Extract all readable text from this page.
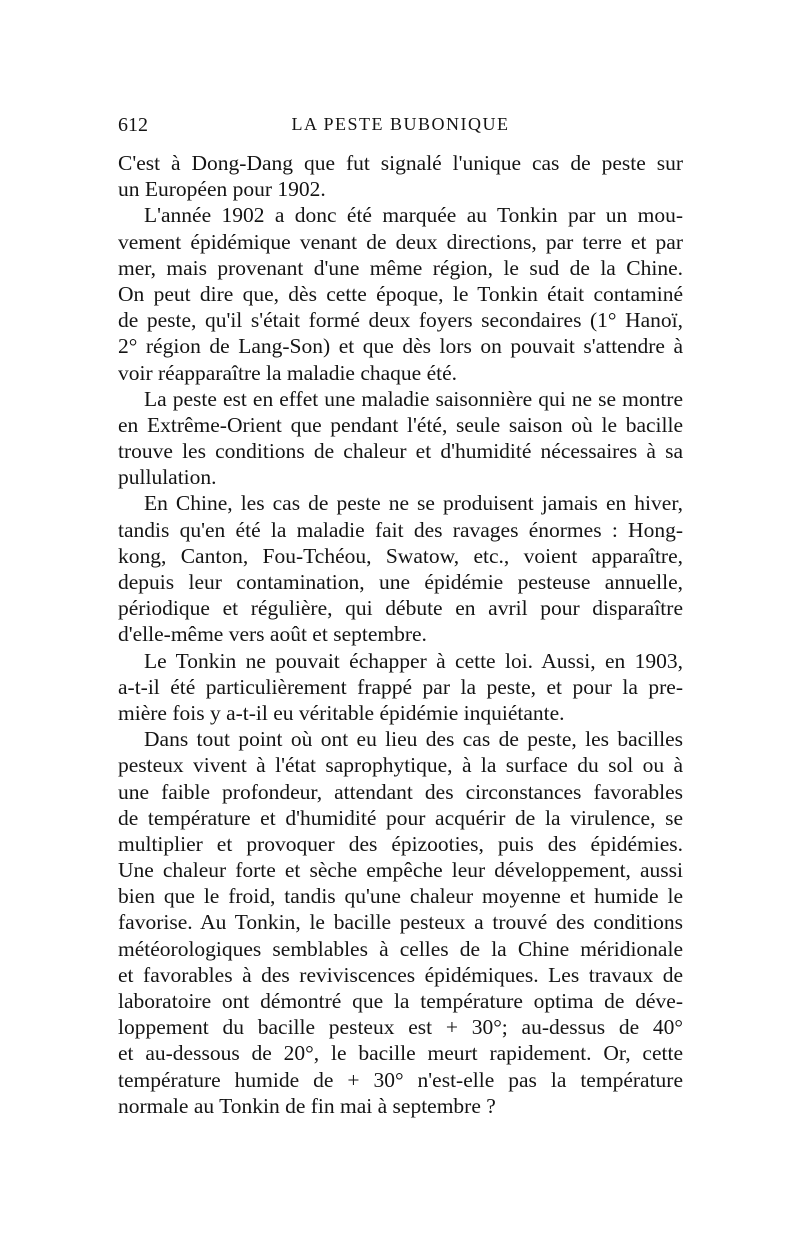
612	LA PESTE BUBONIQUE
C'est à Dong-Dang que fut signalé l'unique cas de peste sur
un Européen pour 1902.
L'année 1902 a donc été marquée au Tonkin par un mou-
vement épidémique venant de deux directions, par terre et par
mer, mais provenant d'une même région, le sud de la Chine.
On peut dire que, dès cette époque, le Tonkin était contaminé
de peste, qu'il s'était formé deux foyers secondaires (1° Hanoï,
2° région de Lang-Son) et que dès lors on pouvait s'attendre à
voir réapparaître la maladie chaque été.
La peste est en effet une maladie saisonnière qui ne se montre
en Extrême-Orient que pendant l'été, seule saison où le bacille
trouve les conditions de chaleur et d'humidité nécessaires à sa
pullulation.
En Chine, les cas de peste ne se produisent jamais en hiver,
tandis qu'en été la maladie fait des ravages énormes : Hong-
kong, Canton, Fou-Tchéou, Swatow, etc., voient apparaître,
depuis leur contamination, une épidémie pesteuse annuelle,
périodique et régulière, qui débute en avril pour disparaître
d'elle-même vers août et septembre.
Le Tonkin ne pouvait échapper à cette loi. Aussi, en 1903,
a-t-il été particulièrement frappé par la peste, et pour la pre-
mière fois y a-t-il eu véritable épidémie inquiétante.
Dans tout point où ont eu lieu des cas de peste, les bacilles
pesteux vivent à l'état saprophytique, à la surface du sol ou à
une faible profondeur, attendant des circonstances favorables
de température et d'humidité pour acquérir de la virulence, se
multiplier et provoquer des épizooties, puis des épidémies.
Une chaleur forte et sèche empêche leur développement, aussi
bien que le froid, tandis qu'une chaleur moyenne et humide le
favorise. Au Tonkin, le bacille pesteux a trouvé des conditions
météorologiques semblables à celles de la Chine méridionale
et favorables à des reviviscences épidémiques. Les travaux de
laboratoire ont démontré que la température optima de déve-
loppement du bacille pesteux est + 30°; au-dessus de 40°
et au-dessous de 20°, le bacille meurt rapidement. Or, cette
température humide de + 30° n'est-elle pas la température
normale au Tonkin de fin mai à septembre ?
